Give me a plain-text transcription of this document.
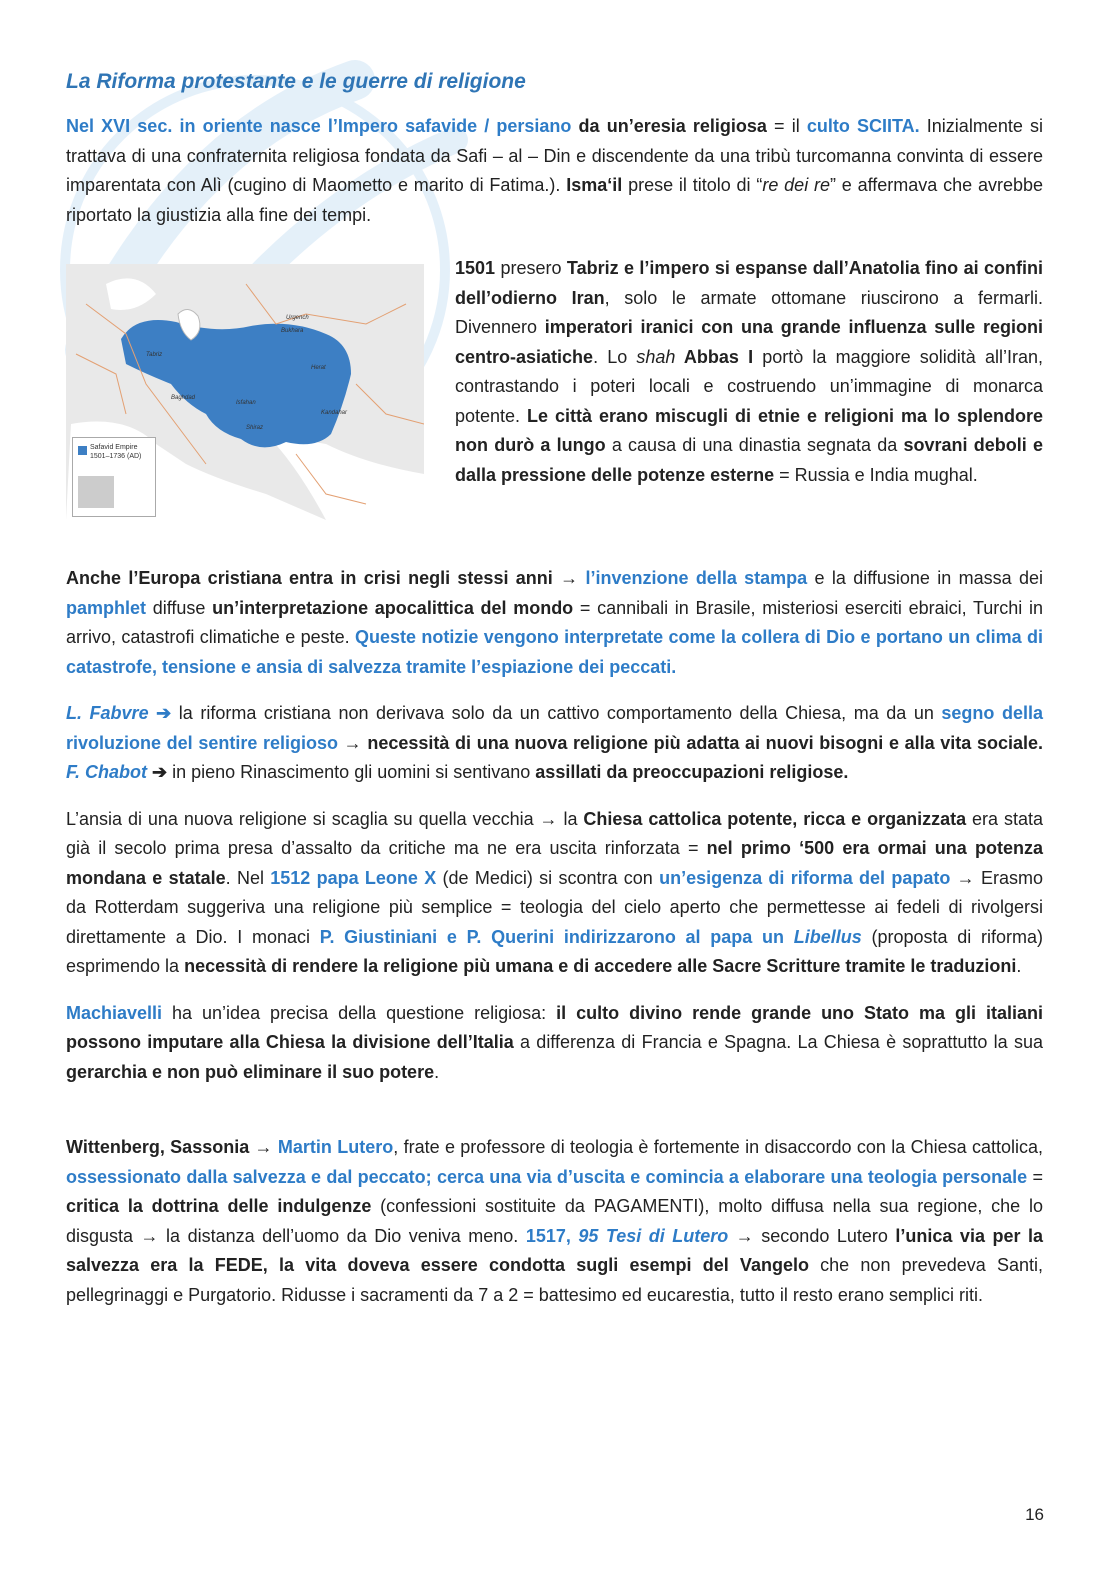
La Riforma protestante e le guerre di religione

Nel XVI sec. in oriente nasce l’Impero safavide / persiano da un’eresia religiosa = il culto SCIITA. Inizialmente si trattava di una confraternita religiosa fondata da Safi – al – Din e discendente da una tribù turcomanna convinta di essere imparentata con Alì (cugino di Maometto e marito di Fatima.). Isma‘il prese il titolo di “re dei re” e affermava che avrebbe riportato la giustizia alla fine dei tempi.

Urgench
Bukhara
Tabriz
Baghdad
Isfahan
Shiraz
Herat
Kandahar
Safavid Empire
1501–1736 (AD)

1501 presero Tabriz e l’impero si espanse dall’Anatolia fino ai confini dell’odierno Iran, solo le armate ottomane riuscirono a fermarli. Divennero imperatori iranici con una grande influenza sulle regioni centro-asiatiche. Lo shah Abbas I portò la maggiore solidità all’Iran, contrastando i poteri locali e costruendo un’immagine di monarca potente. Le città erano miscugli di etnie e religioni ma lo splendore non durò a lungo a causa di una dinastia segnata da sovrani deboli e dalla pressione delle potenze esterne = Russia e India mughal.

Anche l’Europa cristiana entra in crisi negli stessi anni → l’invenzione della stampa e la diffusione in massa dei pamphlet diffuse un’interpretazione apocalittica del mondo = cannibali in Brasile, misteriosi eserciti ebraici, Turchi in arrivo, catastrofi climatiche e peste. Queste notizie vengono interpretate come la collera di Dio e portano un clima di catastrofe, tensione e ansia di salvezza tramite l’espiazione dei peccati.

L. Fabvre ➔ la riforma cristiana non derivava solo da un cattivo comportamento della Chiesa, ma da un segno della rivoluzione del sentire religioso → necessità di una nuova religione più adatta ai nuovi bisogni e alla vita sociale. F. Chabot ➔ in pieno Rinascimento gli uomini si sentivano assillati da preoccupazioni religiose.

L’ansia di una nuova religione si scaglia su quella vecchia → la Chiesa cattolica potente, ricca e organizzata era stata già il secolo prima presa d’assalto da critiche ma ne era uscita rinforzata = nel primo ‘500 era ormai una potenza mondana e statale. Nel 1512 papa Leone X (de Medici) si scontra con un’esigenza di riforma del papato → Erasmo da Rotterdam suggeriva una religione più semplice = teologia del cielo aperto che permettesse ai fedeli di rivolgersi direttamente a Dio. I monaci P. Giustiniani e P. Querini indirizzarono al papa un Libellus (proposta di riforma) esprimendo la necessità di rendere la religione più umana e di accedere alle Sacre Scritture tramite le traduzioni.

Machiavelli ha un’idea precisa della questione religiosa: il culto divino rende grande uno Stato ma gli italiani possono imputare alla Chiesa la divisione dell’Italia a differenza di Francia e Spagna. La Chiesa è soprattutto la sua gerarchia e non può eliminare il suo potere.

Wittenberg, Sassonia → Martin Lutero, frate e professore di teologia è fortemente in disaccordo con la Chiesa cattolica, ossessionato dalla salvezza e dal peccato; cerca una via d’uscita e comincia a elaborare una teologia personale = critica la dottrina delle indulgenze (confessioni sostituite da PAGAMENTI), molto diffusa nella sua regione, che lo disgusta → la distanza dell’uomo da Dio veniva meno. 1517, 95 Tesi di Lutero → secondo Lutero l’unica via per la salvezza era la FEDE, la vita doveva essere condotta sugli esempi del Vangelo che non prevedeva Santi, pellegrinaggi e Purgatorio. Ridusse i sacramenti da 7 a 2 = battesimo ed eucarestia, tutto il resto erano semplici riti.

16
